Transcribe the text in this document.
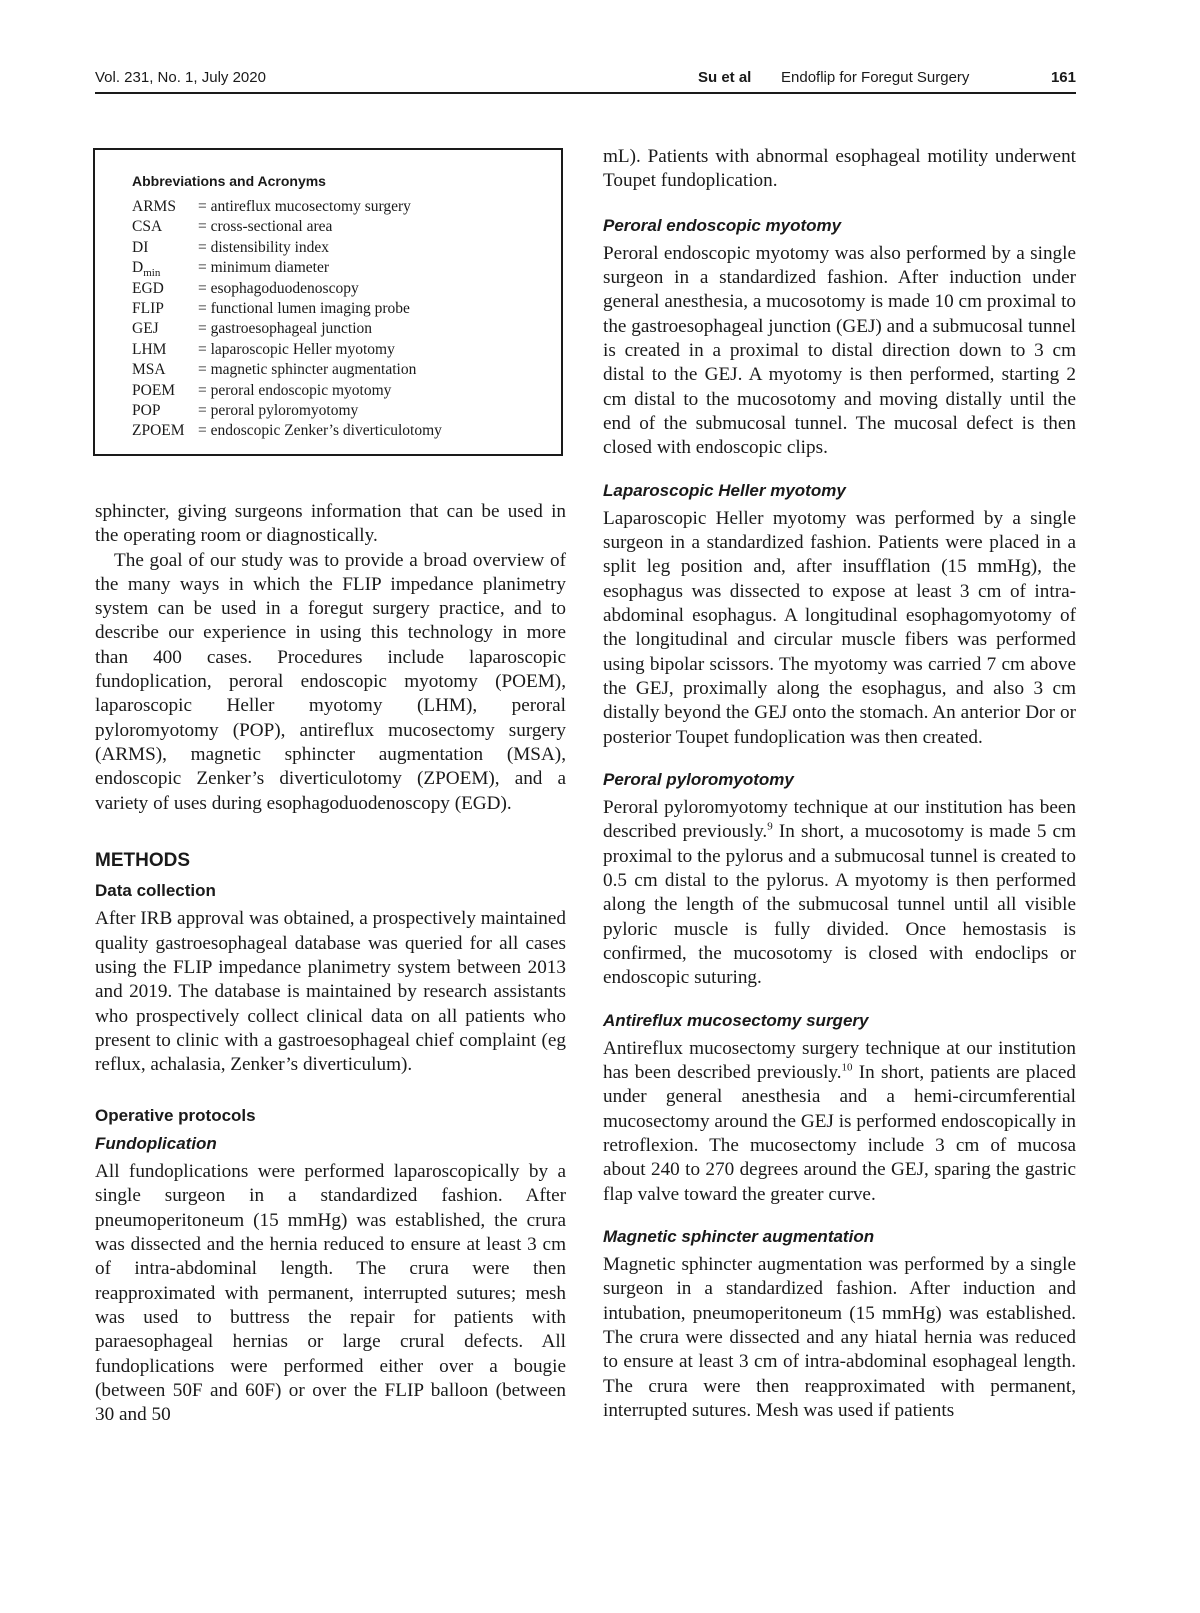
Vol. 231, No. 1, July 2020	Su et al Endoflip for Foregut Surgery	161
Abbreviations and Acronyms
ARMS = antireflux mucosectomy surgery
CSA = cross-sectional area
DI	= distensibility index
$D_{min}$ = minimum diameter
EGD = esophagoduodenoscopy
FLIP = functional lumen imaging probe
GEJ	= gastroesophageal junction
LHM = laparoscopic Heller myotomy
MSA = magnetic sphincter augmentation
POEM = peroral endoscopic myotomy
POP = peroral pyloromyotomy
ZPOEM = endoscopic Zenker’s diverticulotomy

sphincter, giving surgeons information that can be used in the operating room or diagnostically.

The goal of our study was to provide a broad overview of the many ways in which the FLIP impedance planimetry system can be used in a foregut surgery practice, and to describe our experience in using this technology in more than 400 cases. Procedures include laparoscopic fundoplication, peroral endoscopic myotomy (POEM), laparoscopic Heller myotomy (LHM), peroral pyloromyotomy (POP), antireflux mucosectomy surgery (ARMS), magnetic sphincter augmentation (MSA), endoscopic Zenker’s diverticulotomy (ZPOEM), and a variety of uses during esophagoduodenoscopy (EGD).

METHODS
Data collection

After IRB approval was obtained, a prospectively maintained quality gastroesophageal database was queried for all cases using the FLIP impedance planimetry system between 2013 and 2019. The database is maintained by research assistants who prospectively collect clinical data on all patients who present to clinic with a gastroesophageal chief complaint (eg reflux, achalasia, Zenker’s diverticulum).

Operative protocols
Fundoplication

All fundoplications were performed laparoscopically by a single surgeon in a standardized fashion. After pneumoperitoneum (15 mmHg) was established, the crura was dissected and the hernia reduced to ensure at least 3 cm of intra-abdominal length. The crura were then reapproximated with permanent, interrupted sutures; mesh was used to buttress the repair for patients with paraesophageal hernias or large crural defects. All fundoplications were performed either over a bougie (between 50F and 60F) or over the FLIP balloon (between 30 and 50

mL). Patients with abnormal esophageal motility underwent Toupet fundoplication.

Peroral endoscopic myotomy

Peroral endoscopic myotomy was also performed by a single surgeon in a standardized fashion. After induction under general anesthesia, a mucosotomy is made 10 cm proximal to the gastroesophageal junction (GEJ) and a submucosal tunnel is created in a proximal to distal direction down to 3 cm distal to the GEJ. A myotomy is then performed, starting 2 cm distal to the mucosotomy and moving distally until the end of the submucosal tunnel. The mucosal defect is then closed with endoscopic clips.

Laparoscopic Heller myotomy

Laparoscopic Heller myotomy was performed by a single surgeon in a standardized fashion. Patients were placed in a split leg position and, after insufflation (15 mmHg), the esophagus was dissected to expose at least 3 cm of intra-abdominal esophagus. A longitudinal esophagomyotomy of the longitudinal and circular muscle fibers was performed using bipolar scissors. The myotomy was carried 7 cm above the GEJ, proximally along the esophagus, and also 3 cm distally beyond the GEJ onto the stomach. An anterior Dor or posterior Toupet fundoplication was then created.

Peroral pyloromyotomy

Peroral pyloromyotomy technique at our institution has been described previously.$^9$ In short, a mucosotomy is made 5 cm proximal to the pylorus and a submucosal tunnel is created to 0.5 cm distal to the pylorus. A myotomy is then performed along the length of the submucosal tunnel until all visible pyloric muscle is fully divided. Once hemostasis is confirmed, the mucosotomy is closed with endoclips or endoscopic suturing.

Antireflux mucosectomy surgery

Antireflux mucosectomy surgery technique at our institution has been described previously.$^{10}$ In short, patients are placed under general anesthesia and a hemi-circumferential mucosectomy around the GEJ is performed endoscopically in retroflexion. The mucosectomy include 3 cm of mucosa about 240 to 270 degrees around the GEJ, sparing the gastric flap valve toward the greater curve.

Magnetic sphincter augmentation

Magnetic sphincter augmentation was performed by a single surgeon in a standardized fashion. After induction and intubation, pneumoperitoneum (15 mmHg) was established. The crura were dissected and any hiatal hernia was reduced to ensure at least 3 cm of intra-abdominal esophageal length. The crura were then reapproximated with permanent, interrupted sutures. Mesh was used if patients
